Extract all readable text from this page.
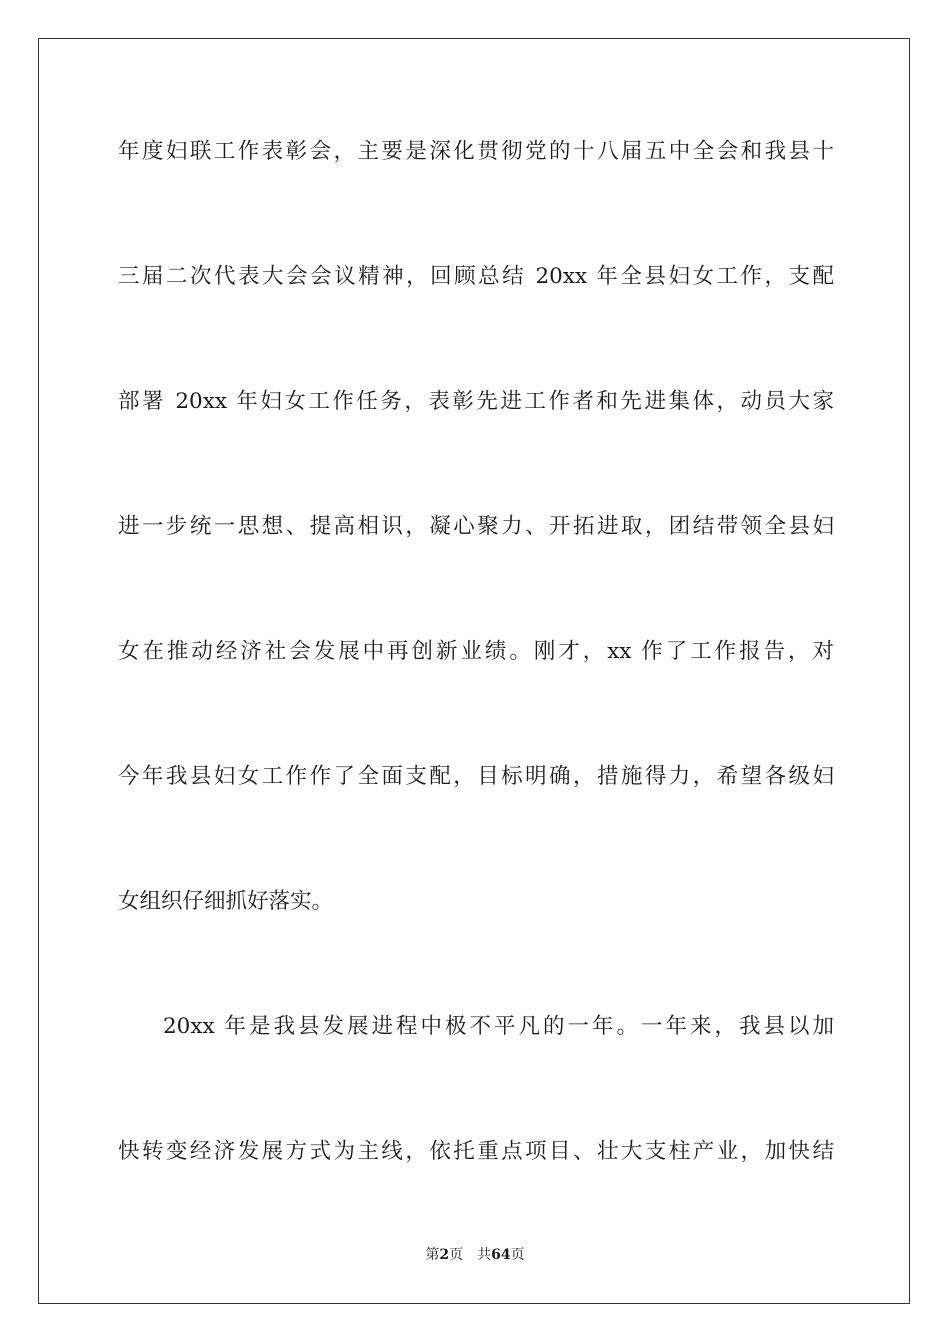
年度妇联工作表彰会，主要是深化贯彻党的十八届五中全会和我县十
三届二次代表大会会议精神，回顾总结 20xx 年全县妇女工作，支配
部署 20xx 年妇女工作任务，表彰先进工作者和先进集体，动员大家
进一步统一思想、提高相识，凝心聚力、开拓进取，团结带领全县妇
女在推动经济社会发展中再创新业绩。刚才，xx 作了工作报告，对
今年我县妇女工作作了全面支配，目标明确，措施得力，希望各级妇
女组织仔细抓好落实。
20xx 年是我县发展进程中极不平凡的一年。一年来，我县以加
快转变经济发展方式为主线，依托重点项目、壮大支柱产业，加快结
第2页 共64页
